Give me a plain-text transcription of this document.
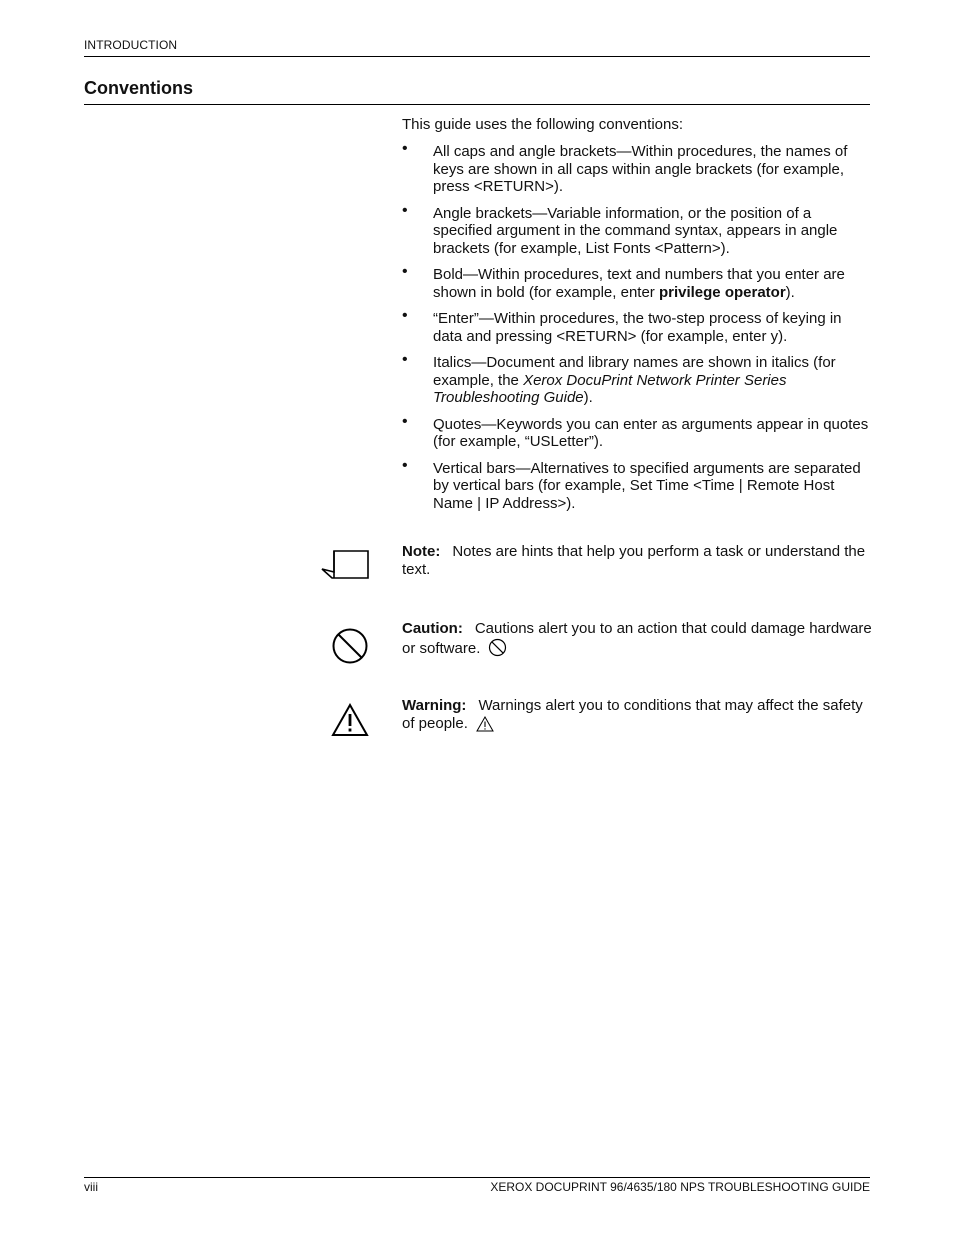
INTRODUCTION
Conventions
This guide uses the following conventions:
• All caps and angle brackets—Within procedures, the names of keys are shown in all caps within angle brackets (for example, press <RETURN>).
• Angle brackets—Variable information, or the position of a specified argument in the command syntax, appears in angle brackets (for example, List Fonts <Pattern>).
• Bold—Within procedures, text and numbers that you enter are shown in bold (for example, enter privilege operator).
• “Enter”—Within procedures, the two-step process of keying in data and pressing <RETURN> (for example, enter y).
• Italics—Document and library names are shown in italics (for example, the Xerox DocuPrint Network Printer Series Troubleshooting Guide).
• Quotes—Keywords you can enter as arguments appear in quotes (for example, “USLetter”).
• Vertical bars—Alternatives to specified arguments are separated by vertical bars (for example, Set Time <Time | Remote Host Name | IP Address>).
Note: Notes are hints that help you perform a task or understand the text.
Caution: Cautions alert you to an action that could damage hardware or software.
Warning: Warnings alert you to conditions that may affect the safety of people.
viii	XEROX DOCUPRINT 96/4635/180 NPS TROUBLESHOOTING GUIDE
